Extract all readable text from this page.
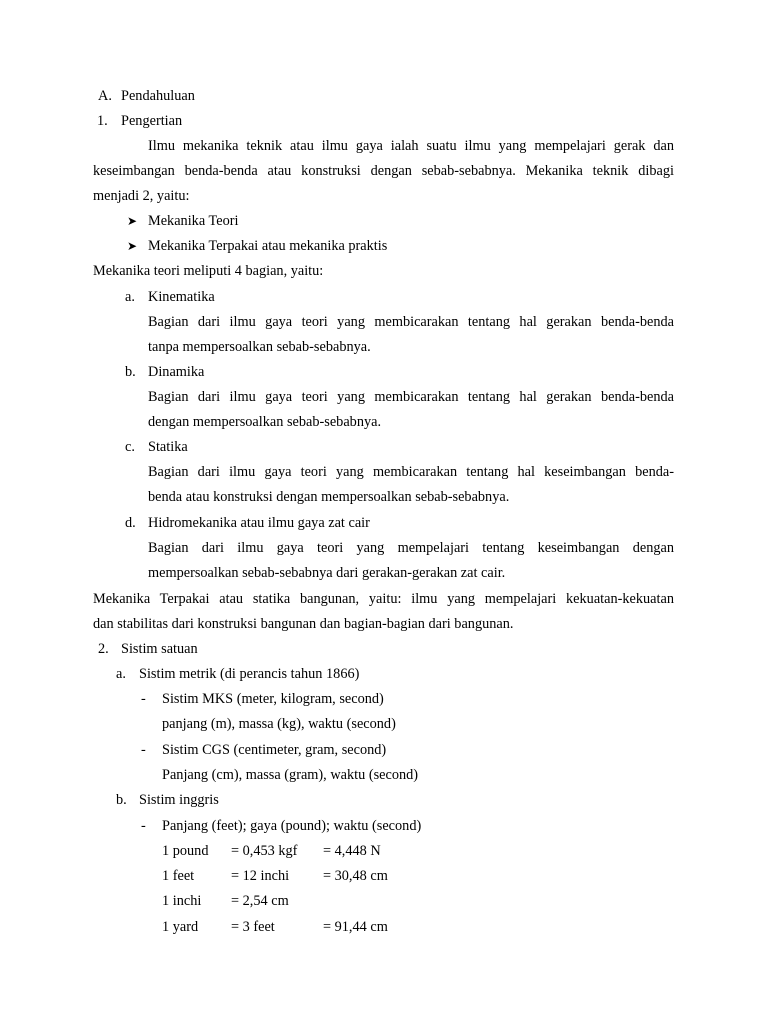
A. Pendahuluan
1. Pengertian
Ilmu mekanika teknik atau ilmu gaya ialah suatu ilmu yang mempelajari gerak dan
keseimbangan benda-benda atau konstruksi dengan sebab-sebabnya. Mekanika teknik dibagi
menjadi 2, yaitu:
➤ Mekanika Teori
➤ Mekanika Terpakai atau mekanika praktis
Mekanika teori meliputi 4 bagian, yaitu:
a. Kinematika
Bagian dari ilmu gaya teori yang membicarakan tentang hal gerakan benda-benda
tanpa mempersoalkan sebab-sebabnya.
b. Dinamika
Bagian dari ilmu gaya teori yang membicarakan tentang hal gerakan benda-benda
dengan mempersoalkan sebab-sebabnya.
c. Statika
Bagian dari ilmu gaya teori yang membicarakan tentang hal keseimbangan benda-
benda atau konstruksi dengan mempersoalkan sebab-sebabnya.
d. Hidromekanika atau ilmu gaya zat cair
Bagian dari ilmu gaya teori yang mempelajari tentang keseimbangan dengan
mempersoalkan sebab-sebabnya dari gerakan-gerakan zat cair.
Mekanika Terpakai atau statika bangunan, yaitu: ilmu yang mempelajari kekuatan-kekuatan
dan stabilitas dari konstruksi bangunan dan bagian-bagian dari bangunan.
2. Sistim satuan
a. Sistim metrik (di perancis tahun 1866)
- Sistim MKS (meter, kilogram, second)
panjang (m), massa (kg), waktu (second)
- Sistim CGS (centimeter, gram, second)
Panjang (cm), massa (gram), waktu (second)
b. Sistim inggris
- Panjang (feet); gaya (pound); waktu (second)
1 pound = 0,453 kgf = 4,448 N
1 feet	= 12 inchi = 30,48 cm
1 inchi = 2,54 cm
1 yard = 3 feet	= 91,44 cm
